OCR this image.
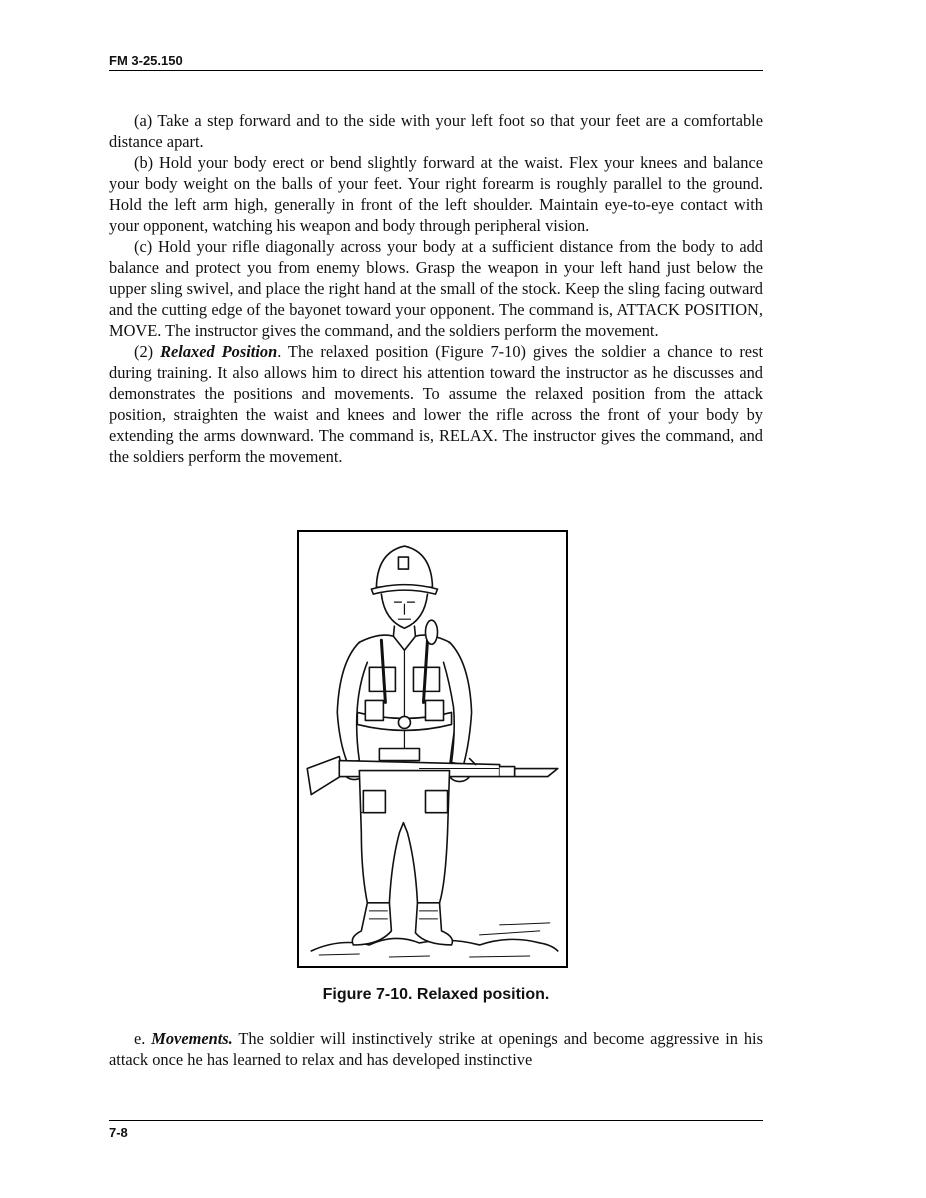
FM 3-25.150

(a) Take a step forward and to the side with your left foot so that your feet are a comfortable distance apart.

(b) Hold your body erect or bend slightly forward at the waist. Flex your knees and balance your body weight on the balls of your feet. Your right forearm is roughly parallel to the ground. Hold the left arm high, generally in front of the left shoulder. Maintain eye-to-eye contact with your opponent, watching his weapon and body through peripheral vision.

(c) Hold your rifle diagonally across your body at a sufficient distance from the body to add balance and protect you from enemy blows. Grasp the weapon in your left hand just below the upper sling swivel, and place the right hand at the small of the stock. Keep the sling facing outward and the cutting edge of the bayonet toward your opponent. The command is, ATTACK POSITION, MOVE. The instructor gives the command, and the soldiers perform the movement.

(2) Relaxed Position. The relaxed position (Figure 7-10) gives the soldier a chance to rest during training. It also allows him to direct his attention toward the instructor as he discusses and demonstrates the positions and movements. To assume the relaxed position from the attack position, straighten the waist and knees and lower the rifle across the front of your body by extending the arms downward. The command is, RELAX. The instructor gives the command, and the soldiers perform the movement.

Figure 7-10. Relaxed position.

e. Movements. The soldier will instinctively strike at openings and become aggressive in his attack once he has learned to relax and has developed instinctive

7-8
